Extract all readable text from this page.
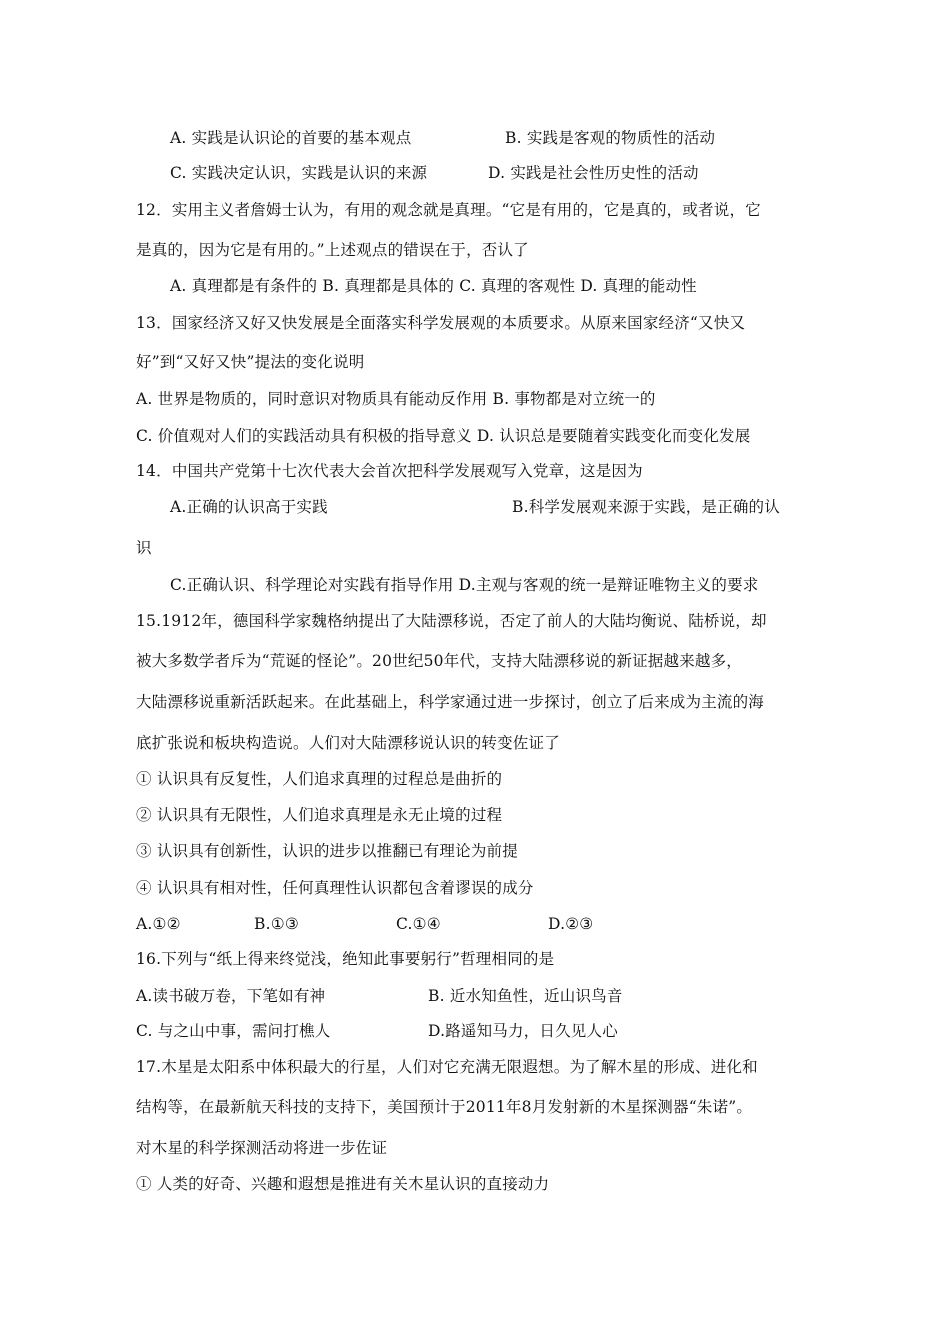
A. 实践是认识论的首要的基本观点	B. 实践是客观的物质性的活动
C. 实践决定认识，实践是认识的来源	D. 实践是社会性历史性的活动
12．实用主义者詹姆士认为，有用的观念就是真理。“它是有用的，它是真的，或者说，它
是真的，因为它是有用的。”上述观点的错误在于，否认了
A. 真理都是有条件的 B. 真理都是具体的 C. 真理的客观性 D. 真理的能动性
13．国家经济又好又快发展是全面落实科学发展观的本质要求。从原来国家经济“又快又
好”到“又好又快”提法的变化说明
A. 世界是物质的，同时意识对物质具有能动反作用 B. 事物都是对立统一的
C. 价值观对人们的实践活动具有积极的指导意义 D. 认识总是要随着实践变化而变化发展
14．中国共产党第十七次代表大会首次把科学发展观写入党章，这是因为
A.正确的认识高于实践	B.科学发展观来源于实践，是正确的认
识
C.正确认识、科学理论对实践有指导作用 D.主观与客观的统一是辩证唯物主义的要求
15.1912年，德国科学家魏格纳提出了大陆漂移说，否定了前人的大陆均衡说、陆桥说，却
被大多数学者斥为“荒诞的怪论”。20世纪50年代，支持大陆漂移说的新证据越来越多，
大陆漂移说重新活跃起来。在此基础上，科学家通过进一步探讨，创立了后来成为主流的海
底扩张说和板块构造说。人们对大陆漂移说认识的转变佐证了
① 认识具有反复性，人们追求真理的过程总是曲折的
② 认识具有无限性，人们追求真理是永无止境的过程
③ 认识具有创新性，认识的进步以推翻已有理论为前提
④ 认识具有相对性，任何真理性认识都包含着谬误的成分
A.①②	B.①③	C.①④	D.②③
16.下列与“纸上得来终觉浅，绝知此事要躬行”哲理相同的是
A.读书破万卷，下笔如有神	B. 近水知鱼性，近山识鸟音
C. 与之山中事，需问打樵人	D.路遥知马力，日久见人心
17.木星是太阳系中体积最大的行星，人们对它充满无限遐想。为了解木星的形成、进化和
结构等，在最新航天科技的支持下，美国预计于2011年8月发射新的木星探测器“朱诺”。
对木星的科学探测活动将进一步佐证
① 人类的好奇、兴趣和遐想是推进有关木星认识的直接动力
